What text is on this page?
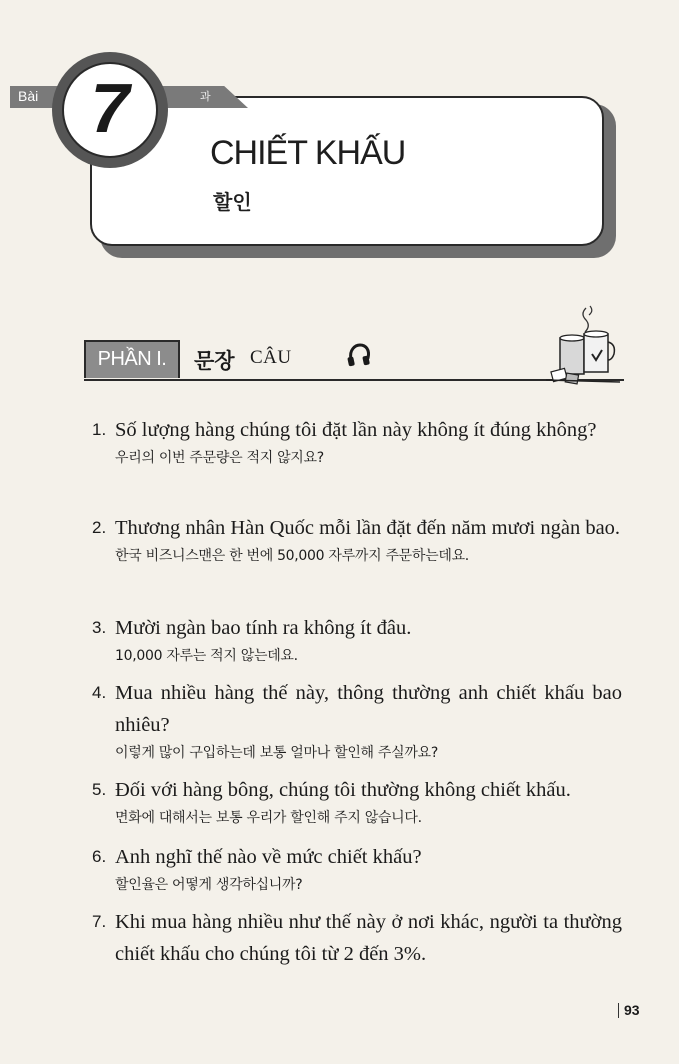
Bài	과
7
CHIẾT KHẤU
할인
PHẦN I.	문장 CÂU
1. Số lượng hàng chúng tôi đặt lần này không ít đúng không?
우리의 이번 주문량은 적지 않지요?
2. Thương nhân Hàn Quốc mỗi lần đặt đến năm mươi ngàn bao.
한국 비즈니스맨은 한 번에 50,000 자루까지 주문하는데요.
3. Mười ngàn bao tính ra không ít đâu.
10,000 자루는 적지 않는데요.
4. Mua nhiều hàng thế này, thông thường anh chiết khấu bao nhiêu?
이렇게 많이 구입하는데 보통 얼마나 할인해 주실까요?
5. Đối với hàng bông, chúng tôi thường không chiết khấu.
면화에 대해서는 보통 우리가 할인해 주지 않습니다.
6. Anh nghĩ thế nào về mức chiết khấu?
할인율은 어떻게 생각하십니까?
7. Khi mua hàng nhiều như thế này ở nơi khác, người ta thường chiết khấu cho chúng tôi từ 2 đến 3%.
93
